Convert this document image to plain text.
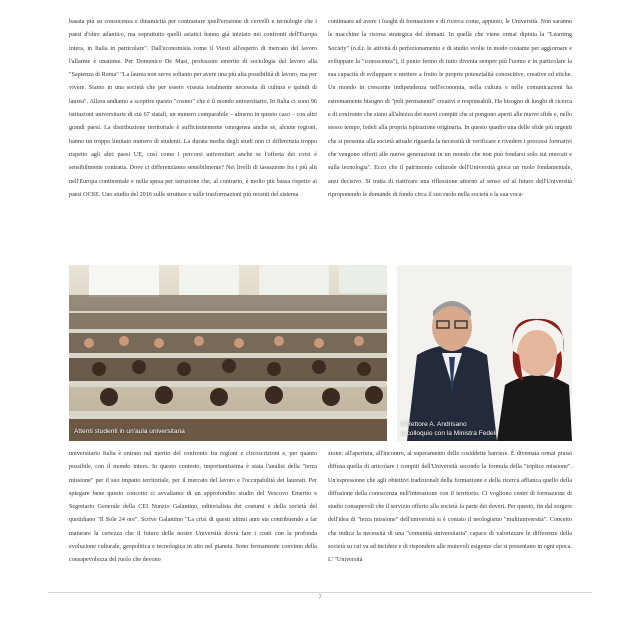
basata più su consocenza e dinamicità per contrastare quell'erosione di cervelli e tecnologie che i paesi d'oltre atlantico, ma soprattutto quelli asiatici hanno già iniziato nei confronti dell'Europa intera, in Italia in particolare". Dall'economista come il Viesti all'esperto di mercato del lavoro l'allarme è unanime. Per Domenico De Masi, professore emerito di sociologia del lavoro alla "Sapienza di Roma" "La laurea non serve soltanto per avere una più alta possibilità di lavoro, ma per vivere. Siamo in una società che per essere vissuta totalmente necessita di cultura e quindi di laurea". Allora andiamo a scoprire questo "cosmo" che è il mondo universitario. In Italia ci sono 96 istituzioni universitarie di cui 67 statali, un numero comparabile – almeno in questo caso – con altri grandi paesi. La distribuzione territoriale è sufficientemente omogenea anche se, alcune regioni, hanno un troppo limitato numero di studenti. La durata media degli studi non ci differenzia troppo rispetto agli altri paesi UE, così come i percorsi universitari anche se l'offerta dei corsi è sensibilmente contratta. Dove ci differenziamo sensibilmente? Nei livelli di tassazione fra i più alti nell'Europa continentale e nella spesa per istruzione che, al contrario, è molto più bassa rispetto ai paesi OCSE. Uno studio del 2016 sulle strutture e sulle trasformazioni più recenti del sistema

continuare ad avere i luoghi di formazione e di ricerca come, appunto, le Università. Non saranno le macchine la risorsa strategica del domani. In quella che viene ormai dipinta la "Learning Society" (n.d.r. le attività di perfezionamento e di studio svolte in modo costante per aggiornare e sviluppare la "conoscenza"), il punto fermo di tutto diventa sempre più l'uomo e in particolare la sua capacità di sviluppare e mettere a frutto le proprie potenzialità conoscitive, creative ed etiche. Un mondo in crescente indipendenza nell'economia, nella cultura e nelle comunicazioni ha estremamente bisogno di "poli permanenti" creativi e responsabili. Ha bisogno di luoghi di ricerca e di confronto che siano all'altezza dei nuovi compiti che si pongono aperti alle nuove sfide e, nello stesso tempo, fedeli alla propria ispirazione originaria. In questo quadro una delle sfide più urgenti che si presenta alla società attuale riguarda la necessità di verificare e rivedere i processi formativi che vengono offerti alle nuove generazioni in un mondo che non può fondarsi solo sui mercati e sulla tecnologia". Ecco che il patrimonio culturale dell'Università gioca un ruolo fondamentale, anzi decisivo. Si tratta di riattivare una riflessione attorno al senso ed al futuro dell'Università riproponendo le domande di fondo circa il suo ruolo nella società e la sua voca-

Attenti studenti in un'aula universitaria
Il Rettore A. Andrisano
a colloquio con la Ministra Fedeli

universitario Italia è entrato nel merito del confronto fra regioni e circoscrizioni e, per quanto possibile, con il mondo intero. In questo contesto, importantissima è stata l'analisi della "terza missione" per il suo impatto territoriale, per il mercato del lavoro e l'occupabilità dei laureati. Per spiegare bene questo concetto ci avvaliamo di un approfondito studio del Vescovo Emerito e Segretario Generale della CEI Nunzio Galantino, editorialista dei costumi e della società del quotidiano "Il Sole 24 ore". Scrive Galantino "La crisi di questi ultimi anni sta contribuendo a far maturare la certezza che il futuro delle nostre Università dovrà fare i conti con la profonda evoluzione culturale, geopolitica e tecnologica in atto nel pianeta. Sono fermamente convinto della consapevolezza del ruolo che devono

zione: all'apertura, all'incontro, al superamento delle cosiddette barriere. È diventata ormai prassi diffusa quella di articolare i compiti dell'Università secondo la formula della "triplice missione". Un'espressione che agli obiettivi tradizionali della formazione e della ricerca affianca quello della diffusione della conoscenza nell'interazione con il territorio. Ci vogliono centri di formazione di studio consapevoli che il servizio offerto alla società fa parte dei doveri. Per questo, fin dal sorgere dell'idea di "terza missione" dell'università si è coniato il neologismo "multiuniversità". Concetto che indica la necessità di una "comunità universitaria" capace di valorizzare le differenze della società su cui va ad incidere e di rispondere alle mutevoli esigenze che si presentano in ogni epoca. L' "Università

7
